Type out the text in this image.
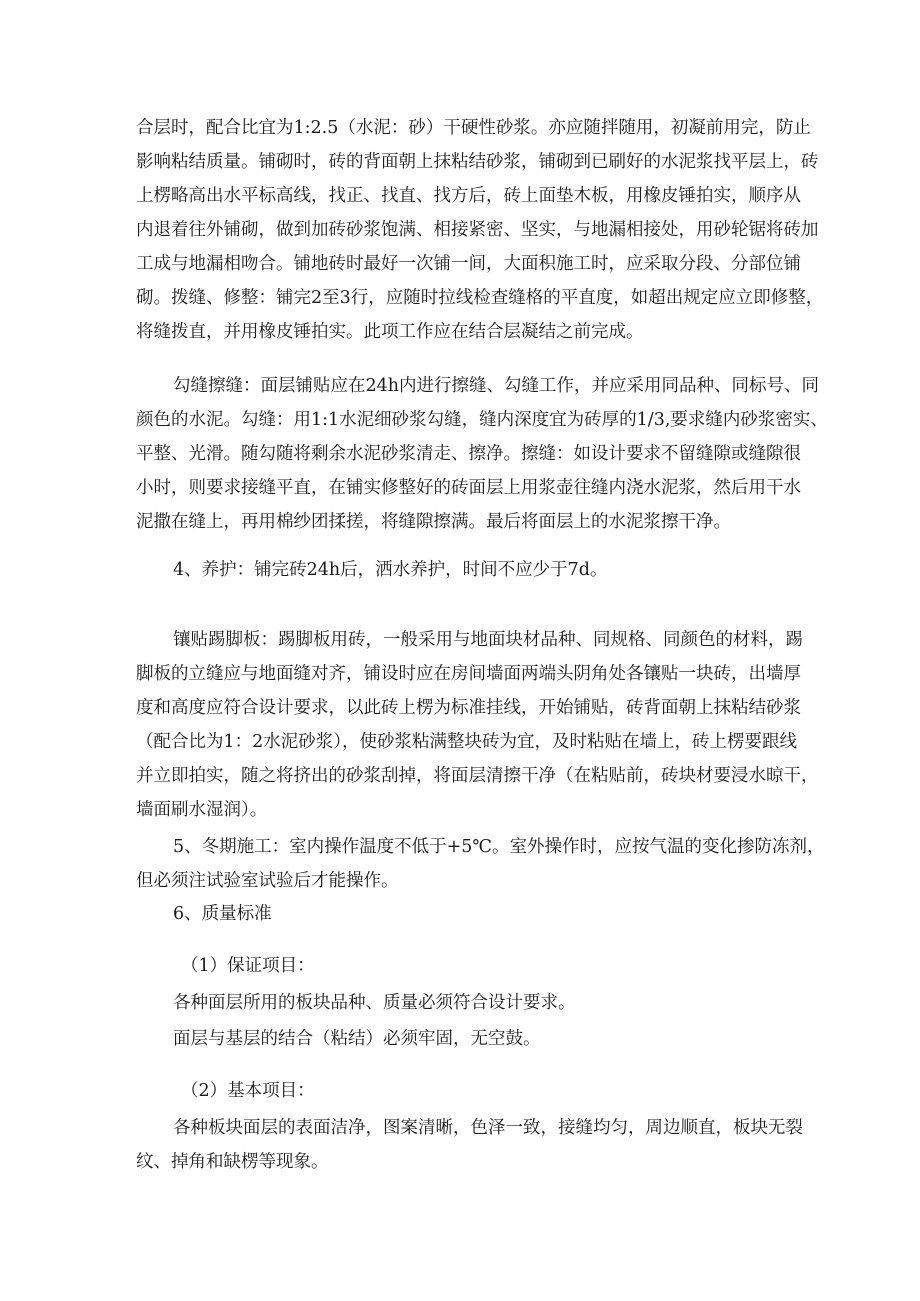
合层时，配合比宜为1:2.5（水泥：砂）干硬性砂浆。亦应随拌随用，初凝前用完，防止
影响粘结质量。铺砌时，砖的背面朝上抹粘结砂浆，铺砌到已刷好的水泥浆找平层上，砖
上楞略高出水平标高线，找正、找直、找方后，砖上面垫木板，用橡皮锤拍实，顺序从
内退着往外铺砌，做到加砖砂浆饱满、相接紧密、坚实，与地漏相接处，用砂轮锯将砖加
工成与地漏相吻合。铺地砖时最好一次铺一间，大面积施工时，应采取分段、分部位铺
砌。拨缝、修整：铺完2至3行，应随时拉线检查缝格的平直度，如超出规定应立即修整，
将缝拨直，并用橡皮锤拍实。此项工作应在结合层凝结之前完成。

勾缝擦缝：面层铺贴应在24h内进行擦缝、勾缝工作，并应采用同品种、同标号、同
颜色的水泥。勾缝：用1:1水泥细砂浆勾缝，缝内深度宜为砖厚的1/3,要求缝内砂浆密实、
平整、光滑。随勾随将剩余水泥砂浆清走、擦净。擦缝：如设计要求不留缝隙或缝隙很
小时，则要求接缝平直，在铺实修整好的砖面层上用浆壶往缝内浇水泥浆，然后用干水
泥撒在缝上，再用棉纱团揉搓，将缝隙擦满。最后将面层上的水泥浆擦干净。

4、养护：铺完砖24h后，洒水养护，时间不应少于7d。

镶贴踢脚板：踢脚板用砖，一般采用与地面块材品种、同规格、同颜色的材料，踢
脚板的立缝应与地面缝对齐，铺设时应在房间墙面两端头阴角处各镶贴一块砖，出墙厚
度和高度应符合设计要求，以此砖上楞为标准挂线，开始铺贴，砖背面朝上抹粘结砂浆
（配合比为1：2水泥砂浆），使砂浆粘满整块砖为宜，及时粘贴在墙上，砖上楞要跟线
并立即拍实，随之将挤出的砂浆刮掉，将面层清擦干净（在粘贴前，砖块材要浸水晾干，
墙面刷水湿润）。

5、冬期施工：室内操作温度不低于+5℃。室外操作时，应按气温的变化掺防冻剂，
但必须注试验室试验后才能操作。

6、质量标准
（1）保证项目：
各种面层所用的板块品种、质量必须符合设计要求。
面层与基层的结合（粘结）必须牢固，无空鼓。
（2）基本项目：

各种板块面层的表面洁净，图案清晰，色泽一致，接缝均匀，周边顺直，板块无裂
纹、掉角和缺楞等现象。
